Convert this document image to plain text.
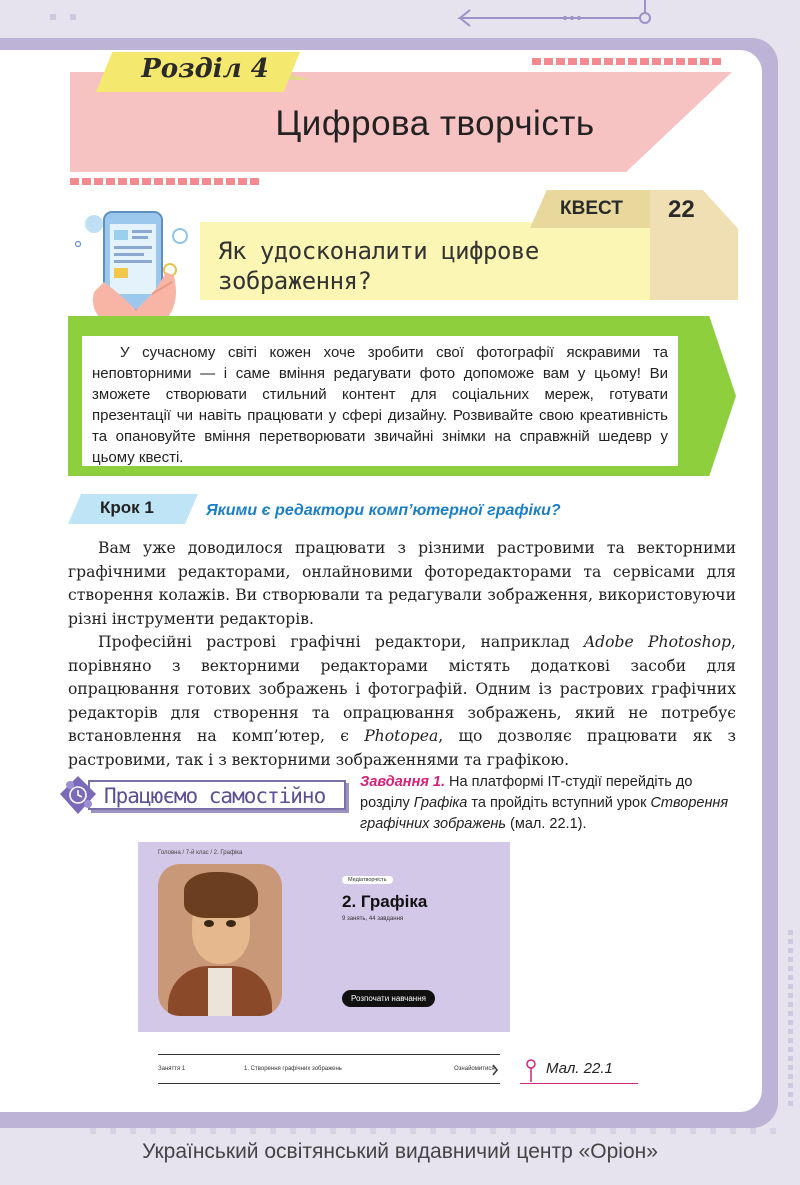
Розділ 4
Цифрова творчість
КВЕСТ 22
Як удосконалити цифрове зображення?
У сучасному світі кожен хоче зробити свої фотографії яскравими та неповторними — і саме вміння редагувати фото допоможе вам у цьому! Ви зможете створювати стильний контент для соціальних мереж, готувати презентації чи навіть працювати у сфері дизайну. Розвивайте свою креативність та опановуйте вміння перетворювати звичайні знімки на справжній шедевр у цьому квесті.
Крок 1	Якими є редактори комп’ютерної графіки?

Вам уже доводилося працювати з різними растровими та векторними графічними редакторами, онлайновими фоторедакторами та сервісами для створення колажів. Ви створювали та редагували зображення, використовуючи різні інструменти редакторів.

Професійні растрові графічні редактори, наприклад Adobe Photoshop, порівняно з векторними редакторами містять додаткові засоби для опрацювання готових зображень і фотографій. Одним із растрових графічних редакторів для створення та опрацювання зображень, який не потребує встановлення на комп’ютер, є Photopea, що дозволяє працювати як з растровими, так і з векторними зображеннями та графікою.

Працюємо самостійно
Завдання 1. На платформі ІТ-студії перейдіть до розділу Графіка та пройдіть вступний урок Створення графічних зображень (мал. 22.1).
Головна / 7-й клас / 2. Графіка
Медіатворчість
2. Графіка
9 занять, 44 завдання
Розпочати навчання
Заняття 1	1. Створення графічних зображень	Ознайомитися	Мал. 22.1
Український освітянський видавничий центр «Оріон»
